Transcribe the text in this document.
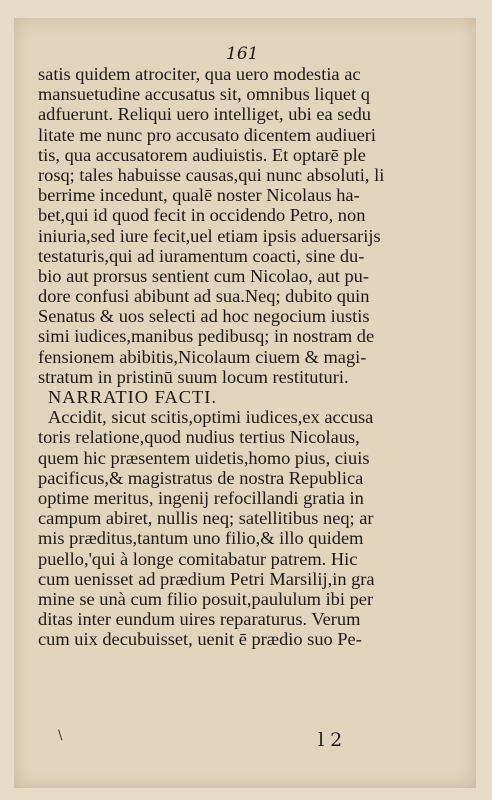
161
satis quidem atrociter, qua uero modestia ac
mansuetudine accusatus sit, omnibus liquet q
adfuerunt. Reliqui uero intelliget, ubi ea sedu
litate me nunc pro accusato dicentem audiueri
tis, qua accusatorem audiuistis. Et optarē ple
rosq; tales habuisse causas,qui nunc absoluti, li
berrime incedunt, qualē noster Nicolaus ha-
bet,qui id quod fecit in occidendo Petro, non
iniuria,sed iure fecit,uel etiam ipsis aduersarijs
testaturis,qui ad iuramentum coacti, sine du-
bio aut prorsus sentient cum Nicolao, aut pu-
dore confusi abibunt ad sua.Neq; dubito quin
Senatus & uos selecti ad hoc negocium iustis
simi iudices,manibus pedibusq; in nostram de
fensionem abibitis,Nicolaum ciuem & magi-
stratum in pristinū suum locum restituturi.
NARRATIO FACTI.
Accidit, sicut scitis,optimi iudices,ex accusa
toris relatione,quod nudius tertius Nicolaus,
quem hic præsentem uidetis,homo pius, ciuis
pacificus,& magistratus de nostra Republica
optime meritus, ingenij refocillandi gratia in
campum abiret, nullis neq; satellitibus neq; ar
mis præditus,tantum uno filio,& illo quidem
puello,'qui à longe comitabatur patrem. Hic
cum uenisset ad prædium Petri Marsilij,in gra
mine se unà cum filio posuit,paululum ibi per
ditas inter eundum uires reparaturus. Verum
cum uix decubuisset, uenit ē prædio suo Pe-
l 2
\
